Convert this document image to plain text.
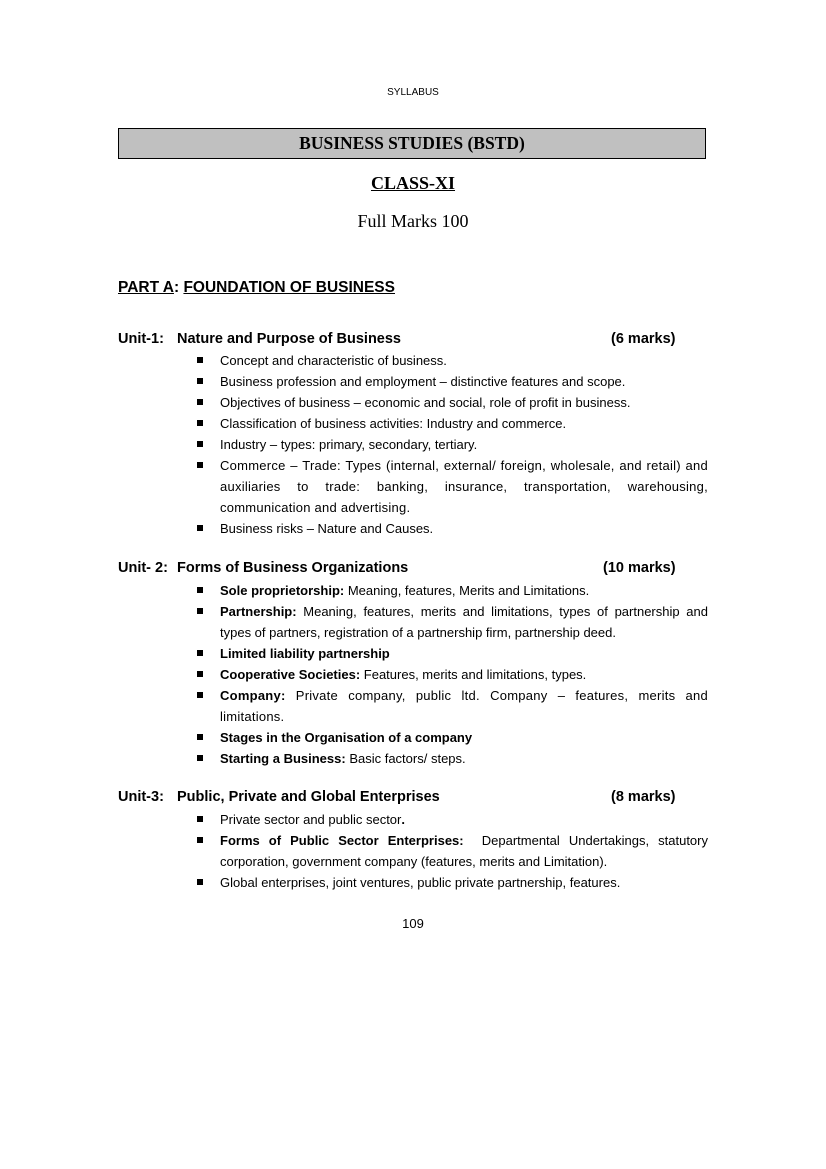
SYLLABUS
BUSINESS STUDIES (BSTD)
CLASS-XI
Full Marks 100
PART A: FOUNDATION OF BUSINESS
Unit-1: Nature and Purpose of Business	(6 marks)
Concept and characteristic of business.
Business profession and employment – distinctive features and scope.
Objectives of business – economic and social, role of profit in business.
Classification of business activities: Industry and commerce.
Industry – types: primary, secondary, tertiary.
Commerce – Trade: Types (internal, external/ foreign, wholesale, and retail) and auxiliaries to trade: banking, insurance, transportation, warehousing, communication and advertising.
Business risks – Nature and Causes.
Unit- 2: Forms of Business Organizations	(10 marks)
Sole proprietorship: Meaning, features, Merits and Limitations.
Partnership: Meaning, features, merits and limitations, types of partnership and types of partners, registration of a partnership firm, partnership deed.
Limited liability partnership
Cooperative Societies: Features, merits and limitations, types.
Company: Private company, public ltd. Company – features, merits and limitations.
Stages in the Organisation of a company
Starting a Business: Basic factors/ steps.
Unit-3: Public, Private and Global Enterprises	(8 marks)
Private sector and public sector.
Forms of Public Sector Enterprises:  Departmental Undertakings, statutory corporation, government company (features, merits and Limitation).
Global enterprises, joint ventures, public private partnership, features.
109
